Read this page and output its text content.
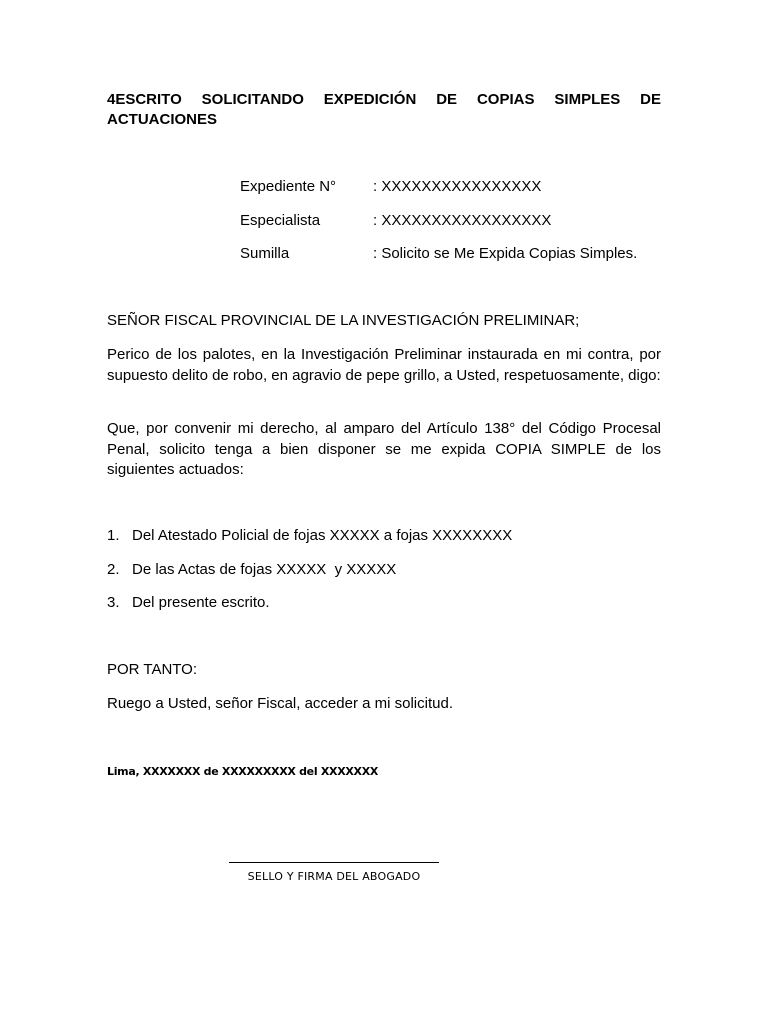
4ESCRITO SOLICITANDO EXPEDICIÓN DE COPIAS SIMPLES DE
ACTUACIONES
Expediente N°	: XXXXXXXXXXXXXXXX
Especialista	: XXXXXXXXXXXXXXXXX
Sumilla	: Solicito se Me Expida Copias Simples.
SEÑOR FISCAL PROVINCIAL DE LA INVESTIGACIÓN PRELIMINAR;
Perico de los palotes, en la Investigación Preliminar instaurada en mi contra, por supuesto delito de robo, en agravio de pepe grillo, a Usted, respetuosamente, digo:
Que, por convenir mi derecho, al amparo del Artículo 138° del Código Procesal Penal, solicito tenga a bien disponer se me expida COPIA SIMPLE de los siguientes actuados:
1. Del Atestado Policial de fojas XXXXX a fojas XXXXXXXX
2. De las Actas de fojas XXXXX  y XXXXX
3. Del presente escrito.
POR TANTO:
Ruego a Usted, señor Fiscal, acceder a mi solicitud.
Lima, XXXXXXX de XXXXXXXXX del XXXXXXX
SELLO Y FIRMA DEL ABOGADO
